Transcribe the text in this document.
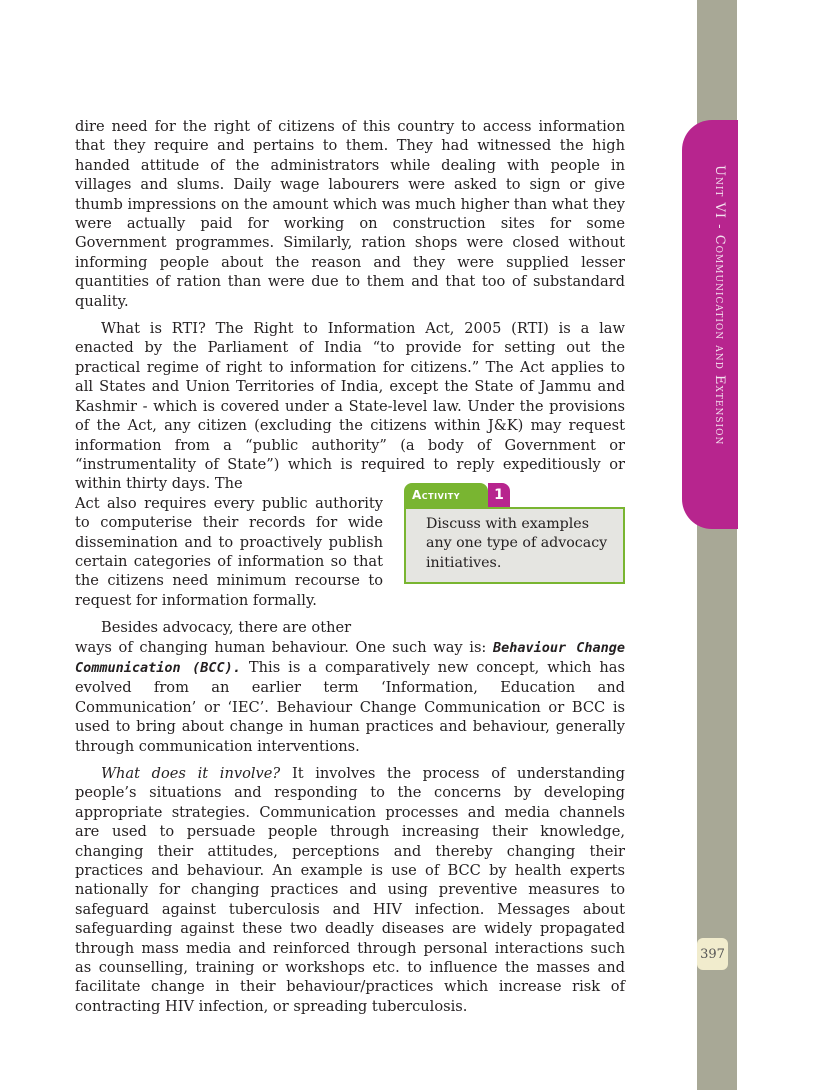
Unit VI - Communication and Extension
397

dire need for the right of citizens of this country to access information that they require and pertains to them. They had witnessed the high handed attitude of the administrators while dealing with people in villages and slums. Daily wage labourers were asked to sign or give thumb impressions on the amount which was much higher than what they were actually paid for working on construction sites for some Government programmes. Similarly, ration shops were closed without informing people about the reason and they were supplied lesser quantities of ration than were due to them and that too of substandard quality.

What is RTI? The Right to Information Act, 2005 (RTI) is a law enacted by the Parliament of India “to provide for setting out the practical regime of right to information for citizens.” The Act applies to all States and Union Territories of India, except the State of Jammu and Kashmir - which is covered under a State-level law. Under the provisions of the Act, any citizen (excluding the citizens within J&K) may request information from a “public authority” (a body of Government or “instrumentality of State”) which is required to reply expeditiously or within thirty days. The

Act also requires every public authority to computerise their records for wide dissemination and to proactively publish certain categories of information so that the citizens need minimum recourse to request for information formally.

Besides advocacy, there are other

ways of changing human behaviour. One such way is: Behaviour Change Communication (BCC). This is a comparatively new concept, which has evolved from an earlier term ‘Information, Education and Communication’ or ‘IEC’. Behaviour Change Communication or BCC is used to bring about change in human practices and behaviour, generally through communication interventions.

What does it involve? It involves the process of understanding people’s situations and responding to the concerns by developing appropriate strategies. Communication processes and media channels are used to persuade people through increasing their knowledge, changing their attitudes, perceptions and thereby changing their practices and behaviour. An example is use of BCC by health experts nationally for changing practices and using preventive measures to safeguard against tuberculosis and HIV infection. Messages about safeguarding against these two deadly diseases are widely propagated through mass media and reinforced through personal interactions such as counselling, training or workshops etc. to influence the masses and facilitate change in their behaviour/practices which increase risk of contracting HIV infection, or spreading tuberculosis.

Activity	1
Discuss with examples any one type of advocacy initiatives.
